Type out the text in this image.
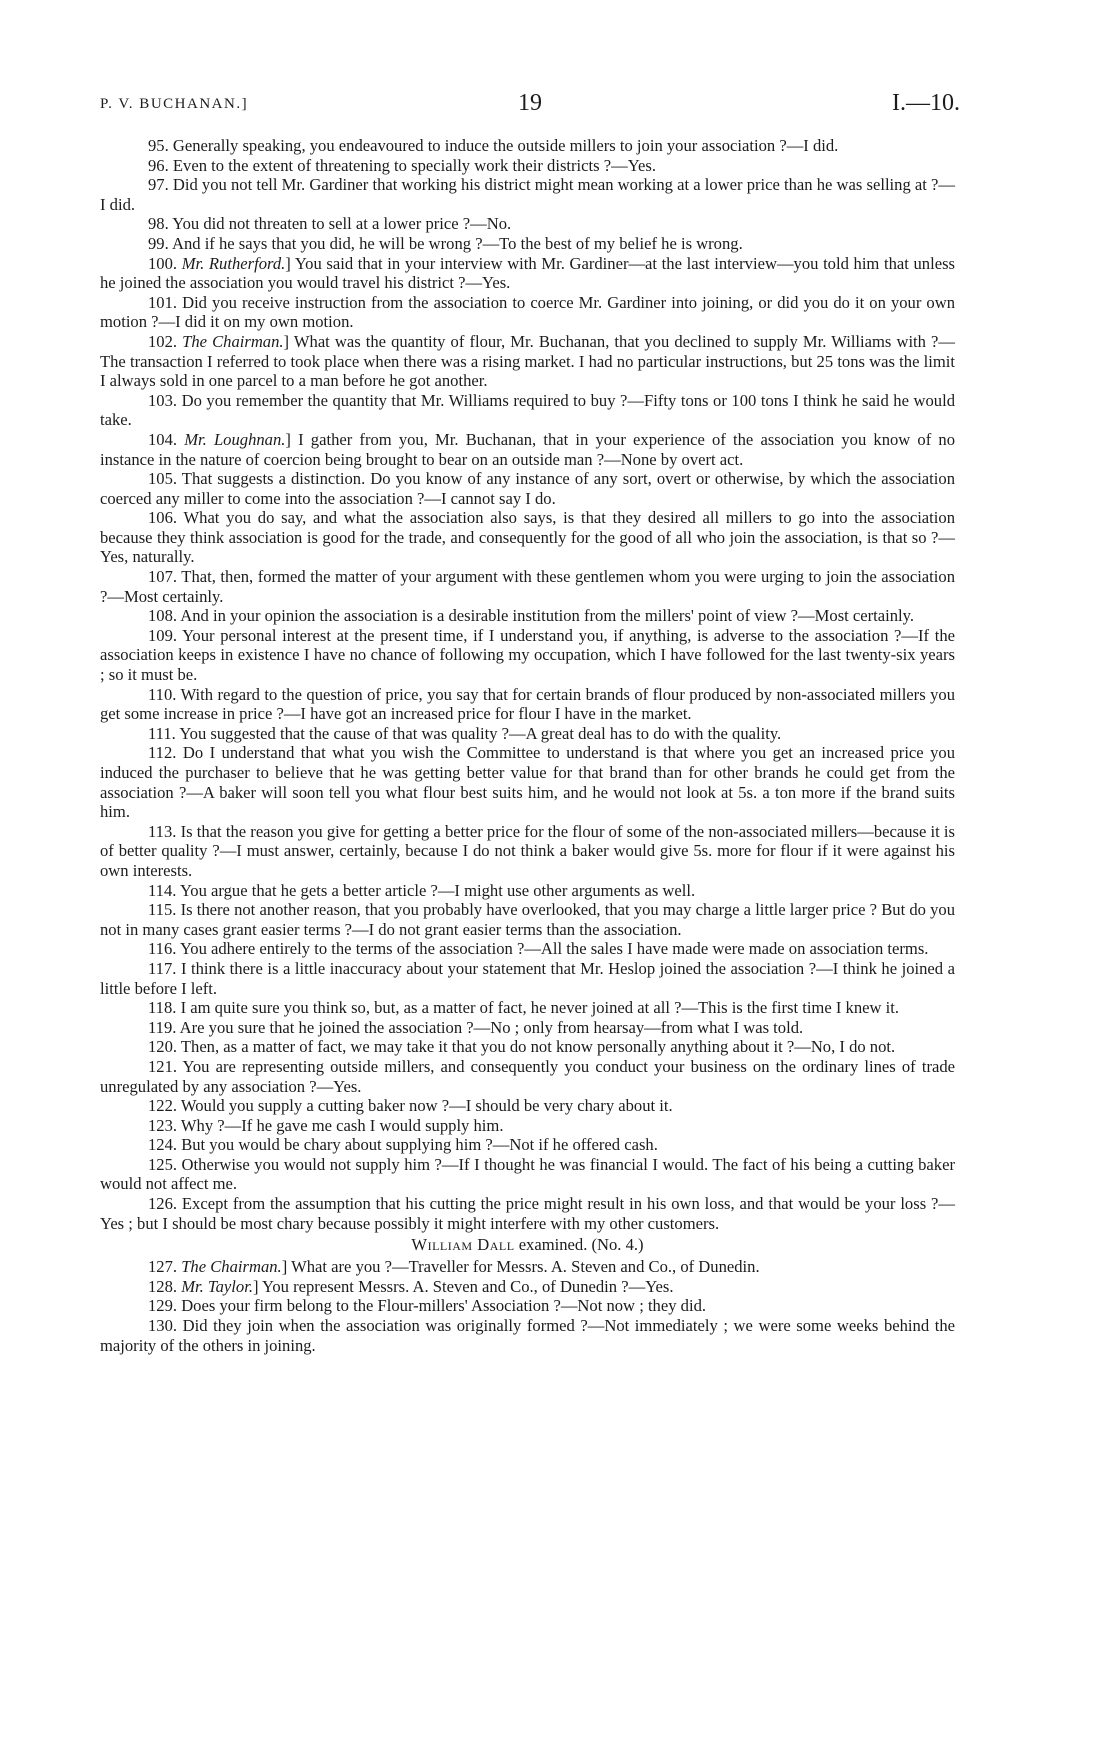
P. V. BUCHANAN.]	19	I.—10.

95. Generally speaking, you endeavoured to induce the outside millers to join your association ?—I did.

96. Even to the extent of threatening to specially work their districts ?—Yes.

97. Did you not tell Mr. Gardiner that working his district might mean working at a lower price than he was selling at ?—I did.

98. You did not threaten to sell at a lower price ?—No.

99. And if he says that you did, he will be wrong ?—To the best of my belief he is wrong.

100. Mr. Rutherford.] You said that in your interview with Mr. Gardiner—at the last interview—you told him that unless he joined the association you would travel his district ?—Yes.

101. Did you receive instruction from the association to coerce Mr. Gardiner into joining, or did you do it on your own motion ?—I did it on my own motion.

102. The Chairman.] What was the quantity of flour, Mr. Buchanan, that you declined to supply Mr. Williams with ?—The transaction I referred to took place when there was a rising market. I had no particular instructions, but 25 tons was the limit I always sold in one parcel to a man before he got another.

103. Do you remember the quantity that Mr. Williams required to buy ?—Fifty tons or 100 tons I think he said he would take.

104. Mr. Loughnan.] I gather from you, Mr. Buchanan, that in your experience of the association you know of no instance in the nature of coercion being brought to bear on an outside man ?—None by overt act.

105. That suggests a distinction. Do you know of any instance of any sort, overt or otherwise, by which the association coerced any miller to come into the association ?—I cannot say I do.

106. What you do say, and what the association also says, is that they desired all millers to go into the association because they think association is good for the trade, and consequently for the good of all who join the association, is that so ?—Yes, naturally.

107. That, then, formed the matter of your argument with these gentlemen whom you were urging to join the association ?—Most certainly.

108. And in your opinion the association is a desirable institution from the millers' point of view ?—Most certainly.

109. Your personal interest at the present time, if I understand you, if anything, is adverse to the association ?—If the association keeps in existence I have no chance of following my occupation, which I have followed for the last twenty-six years ; so it must be.

110. With regard to the question of price, you say that for certain brands of flour produced by non-associated millers you get some increase in price ?—I have got an increased price for flour I have in the market.

111. You suggested that the cause of that was quality ?—A great deal has to do with the quality.

112. Do I understand that what you wish the Committee to understand is that where you get an increased price you induced the purchaser to believe that he was getting better value for that brand than for other brands he could get from the association ?—A baker will soon tell you what flour best suits him, and he would not look at 5s. a ton more if the brand suits him.

113. Is that the reason you give for getting a better price for the flour of some of the non-associated millers—because it is of better quality ?—I must answer, certainly, because I do not think a baker would give 5s. more for flour if it were against his own interests.

114. You argue that he gets a better article ?—I might use other arguments as well.

115. Is there not another reason, that you probably have overlooked, that you may charge a little larger price ? But do you not in many cases grant easier terms ?—I do not grant easier terms than the association.

116. You adhere entirely to the terms of the association ?—All the sales I have made were made on association terms.

117. I think there is a little inaccuracy about your statement that Mr. Heslop joined the association ?—I think he joined a little before I left.

118. I am quite sure you think so, but, as a matter of fact, he never joined at all ?—This is the first time I knew it.

119. Are you sure that he joined the association ?—No ; only from hearsay—from what I was told.

120. Then, as a matter of fact, we may take it that you do not know personally anything about it ?—No, I do not.

121. You are representing outside millers, and consequently you conduct your business on the ordinary lines of trade unregulated by any association ?—Yes.

122. Would you supply a cutting baker now ?—I should be very chary about it.

123. Why ?—If he gave me cash I would supply him.

124. But you would be chary about supplying him ?—Not if he offered cash.

125. Otherwise you would not supply him ?—If I thought he was financial I would. The fact of his being a cutting baker would not affect me.

126. Except from the assumption that his cutting the price might result in his own loss, and that would be your loss ?—Yes ; but I should be most chary because possibly it might interfere with my other customers.

William Dall examined. (No. 4.)

127. The Chairman.] What are you ?—Traveller for Messrs. A. Steven and Co., of Dunedin.

128. Mr. Taylor.] You represent Messrs. A. Steven and Co., of Dunedin ?—Yes.

129. Does your firm belong to the Flour-millers' Association ?—Not now ; they did.

130. Did they join when the association was originally formed ?—Not immediately ; we were some weeks behind the majority of the others in joining.
